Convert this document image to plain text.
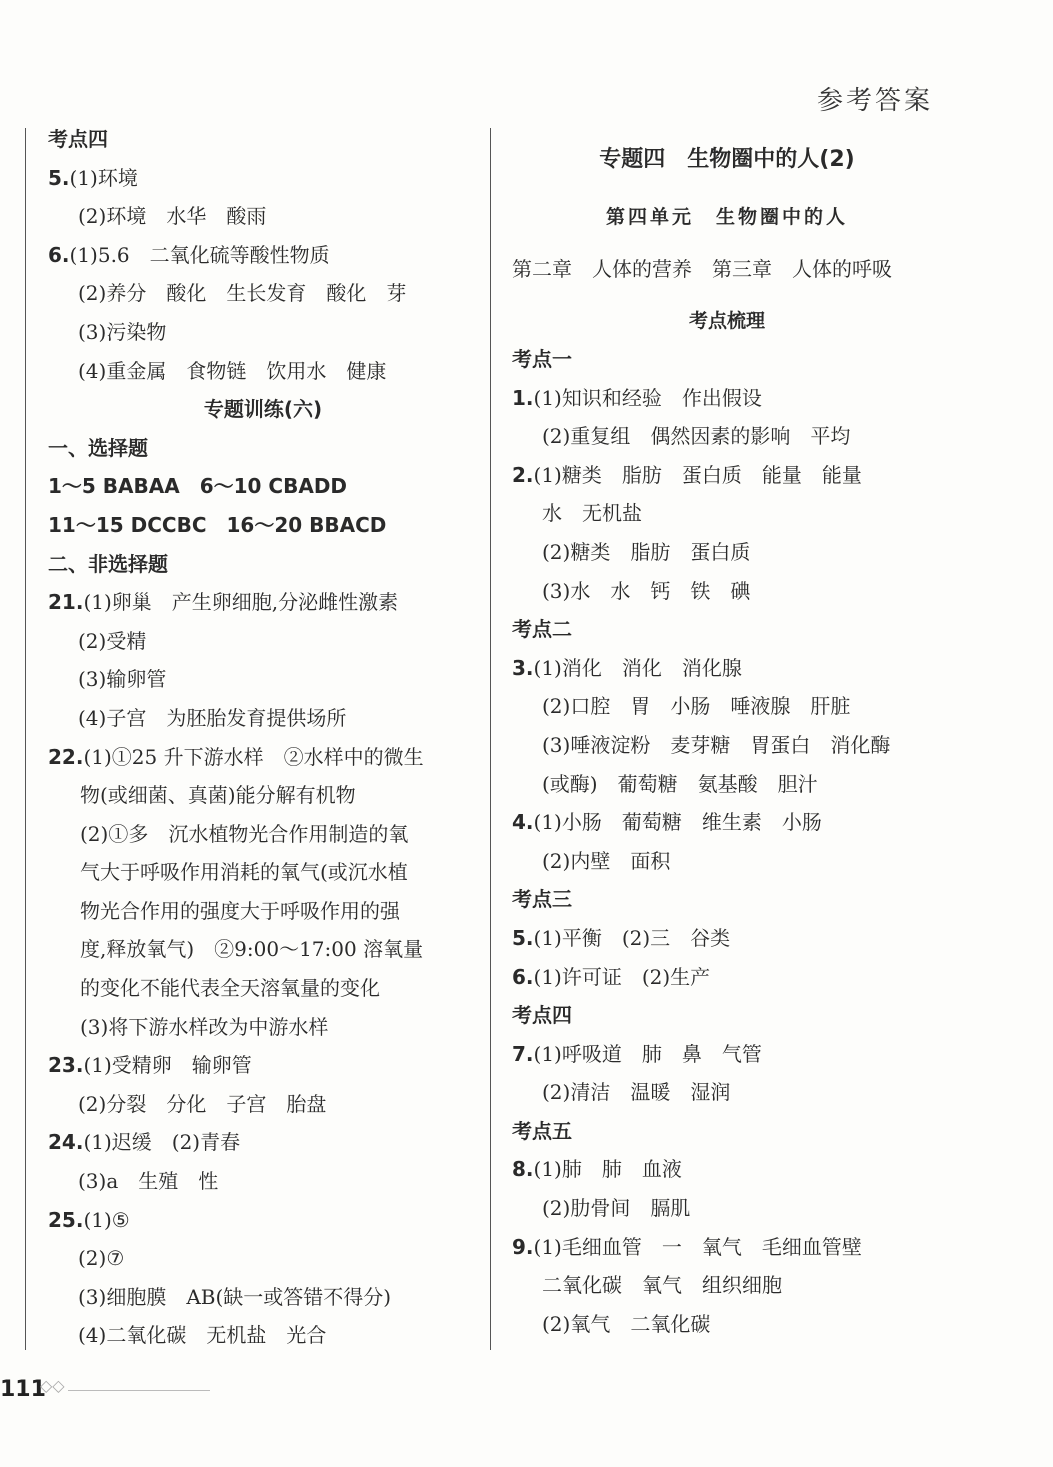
参考答案
考点四
5.(1)环境
(2)环境　水华　酸雨
6.(1)5.6　二氧化硫等酸性物质
(2)养分　酸化　生长发育　酸化　芽
(3)污染物
(4)重金属　食物链　饮用水　健康
专题训练(六)
一、选择题
1～5 BABAA　6～10 CBADD
11～15 DCCBC　16～20 BBACD
二、非选择题
21.(1)卵巢　产生卵细胞,分泌雌性激素
(2)受精
(3)输卵管
(4)子宫　为胚胎发育提供场所
22.(1)①25 升下游水样　②水样中的微生
物(或细菌、真菌)能分解有机物
(2)①多　沉水植物光合作用制造的氧
气大于呼吸作用消耗的氧气(或沉水植
物光合作用的强度大于呼吸作用的强
度,释放氧气)　②9:00～17:00 溶氧量
的变化不能代表全天溶氧量的变化
(3)将下游水样改为中游水样
23.(1)受精卵　输卵管
(2)分裂　分化　子宫　胎盘
24.(1)迟缓　(2)青春
(3)a　生殖　性
25.(1)⑤
(2)⑦
(3)细胞膜　AB(缺一或答错不得分)
(4)二氧化碳　无机盐　光合
专题四　生物圈中的人(2)
第四单元　生物圈中的人
第二章　人体的营养　第三章　人体的呼吸
考点梳理
考点一
1.(1)知识和经验　作出假设
(2)重复组　偶然因素的影响　平均
2.(1)糖类　脂肪　蛋白质　能量　能量
水　无机盐
(2)糖类　脂肪　蛋白质
(3)水　水　钙　铁　碘
考点二
3.(1)消化　消化　消化腺
(2)口腔　胃　小肠　唾液腺　肝脏
(3)唾液淀粉　麦芽糖　胃蛋白　消化酶
(或酶)　葡萄糖　氨基酸　胆汁
4.(1)小肠　葡萄糖　维生素　小肠
(2)内壁　面积
考点三
5.(1)平衡　(2)三　谷类
6.(1)许可证　(2)生产
考点四
7.(1)呼吸道　肺　鼻　气管
(2)清洁　温暖　湿润
考点五
8.(1)肺　肺　血液
(2)肋骨间　膈肌
9.(1)毛细血管　一　氧气　毛细血管壁
二氧化碳　氧气　组织细胞
(2)氧气　二氧化碳
111
◇◇
